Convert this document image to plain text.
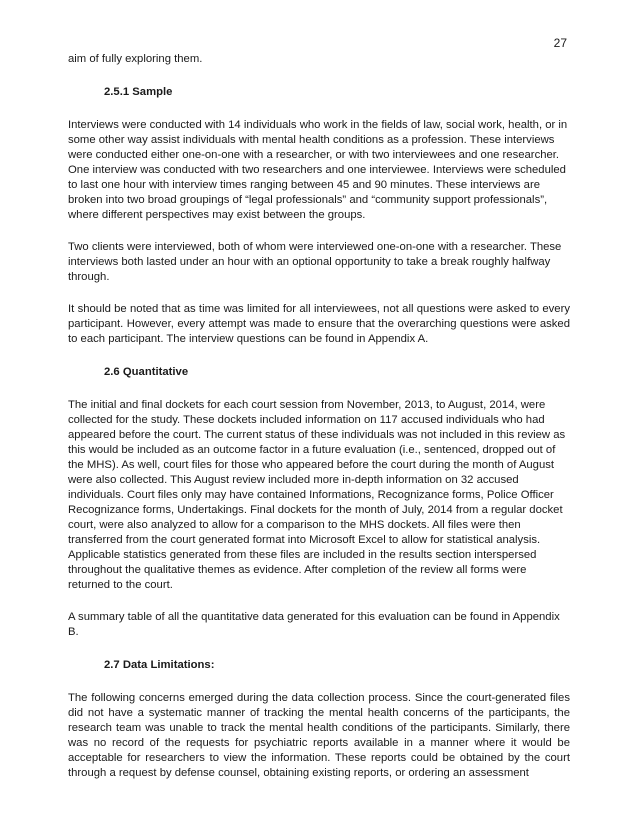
27

aim of fully exploring them.

2.5.1 Sample

Interviews were conducted with 14 individuals who work in the fields of law, social work, health, or in some other way assist individuals with mental health conditions as a profession. These interviews were conducted either one-on-one with a researcher, or with two interviewees and one researcher. One interview was conducted with two researchers and one interviewee. Interviews were scheduled to last one hour with interview times ranging between 45 and 90 minutes. These interviews are broken into two broad groupings of “legal professionals” and “community support professionals”, where different perspectives may exist between the groups.

Two clients were interviewed, both of whom were interviewed one-on-one with a researcher. These interviews both lasted under an hour with an optional opportunity to take a break roughly halfway through.

It should be noted that as time was limited for all interviewees, not all questions were asked to every participant. However, every attempt was made to ensure that the overarching questions were asked to each participant. The interview questions can be found in Appendix A.

2.6 Quantitative

The initial and final dockets for each court session from November, 2013, to August, 2014, were collected for the study. These dockets included information on 117 accused individuals who had appeared before the court. The current status of these individuals was not included in this review as this would be included as an outcome factor in a future evaluation (i.e., sentenced, dropped out of the MHS). As well, court files for those who appeared before the court during the month of August were also collected. This August review included more in-depth information on 32 accused individuals. Court files only may have contained Informations, Recognizance forms, Police Officer Recognizance forms, Undertakings. Final dockets for the month of July, 2014 from a regular docket court, were also analyzed to allow for a comparison to the MHS dockets. All files were then transferred from the court generated format into Microsoft Excel to allow for statistical analysis. Applicable statistics generated from these files are included in the results section interspersed throughout the qualitative themes as evidence. After completion of the review all forms were returned to the court.

A summary table of all the quantitative data generated for this evaluation can be found in Appendix B.

2.7 Data Limitations:

The following concerns emerged during the data collection process. Since the court-generated files did not have a systematic manner of tracking the mental health concerns of the participants, the research team was unable to track the mental health conditions of the participants. Similarly, there was no record of the requests for psychiatric reports available in a manner where it would be acceptable for researchers to view the information. These reports could be obtained by the court through a request by defense counsel, obtaining existing reports, or ordering an assessment
